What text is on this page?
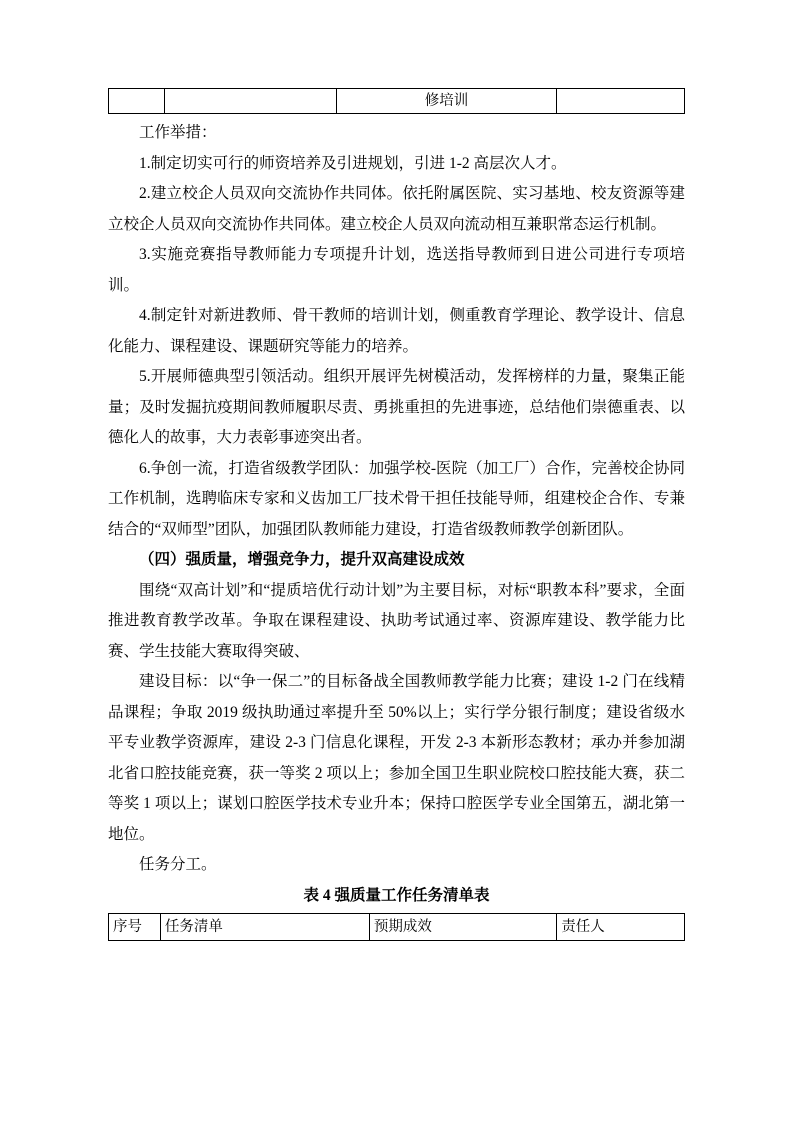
		修培训	

工作举措：

1.制定切实可行的师资培养及引进规划，引进 1-2 高层次人才。

2.建立校企人员双向交流协作共同体。依托附属医院、实习基地、校友资源等建立校企人员双向交流协作共同体。建立校企人员双向流动相互兼职常态运行机制。

3.实施竞赛指导教师能力专项提升计划，选送指导教师到日进公司进行专项培训。

4.制定针对新进教师、骨干教师的培训计划，侧重教育学理论、教学设计、信息化能力、课程建设、课题研究等能力的培养。

5.开展师德典型引领活动。组织开展评先树模活动，发挥榜样的力量，聚集正能量；及时发掘抗疫期间教师履职尽责、勇挑重担的先进事迹，总结他们崇德重表、以德化人的故事，大力表彰事迹突出者。

6.争创一流，打造省级教学团队：加强学校-医院（加工厂）合作，完善校企协同工作机制，选聘临床专家和义齿加工厂技术骨干担任技能导师，组建校企合作、专兼结合的“双师型”团队，加强团队教师能力建设，打造省级教师教学创新团队。

（四）强质量，增强竞争力，提升双高建设成效

围绕“双高计划”和“提质培优行动计划”为主要目标，对标“职教本科”要求，全面推进教育教学改革。争取在课程建设、执助考试通过率、资源库建设、教学能力比赛、学生技能大赛取得突破、

建设目标：以“争一保二”的目标备战全国教师教学能力比赛；建设 1-2 门在线精品课程；争取 2019 级执助通过率提升至 50%以上；实行学分银行制度；建设省级水平专业教学资源库，建设 2-3 门信息化课程，开发 2-3 本新形态教材；承办并参加湖北省口腔技能竞赛，获一等奖 2 项以上；参加全国卫生职业院校口腔技能大赛，获二等奖 1 项以上；谋划口腔医学技术专业升本；保持口腔医学专业全国第五，湖北第一地位。

任务分工。

表 4 强质量工作任务清单表

序号	任务清单	预期成效	责任人
